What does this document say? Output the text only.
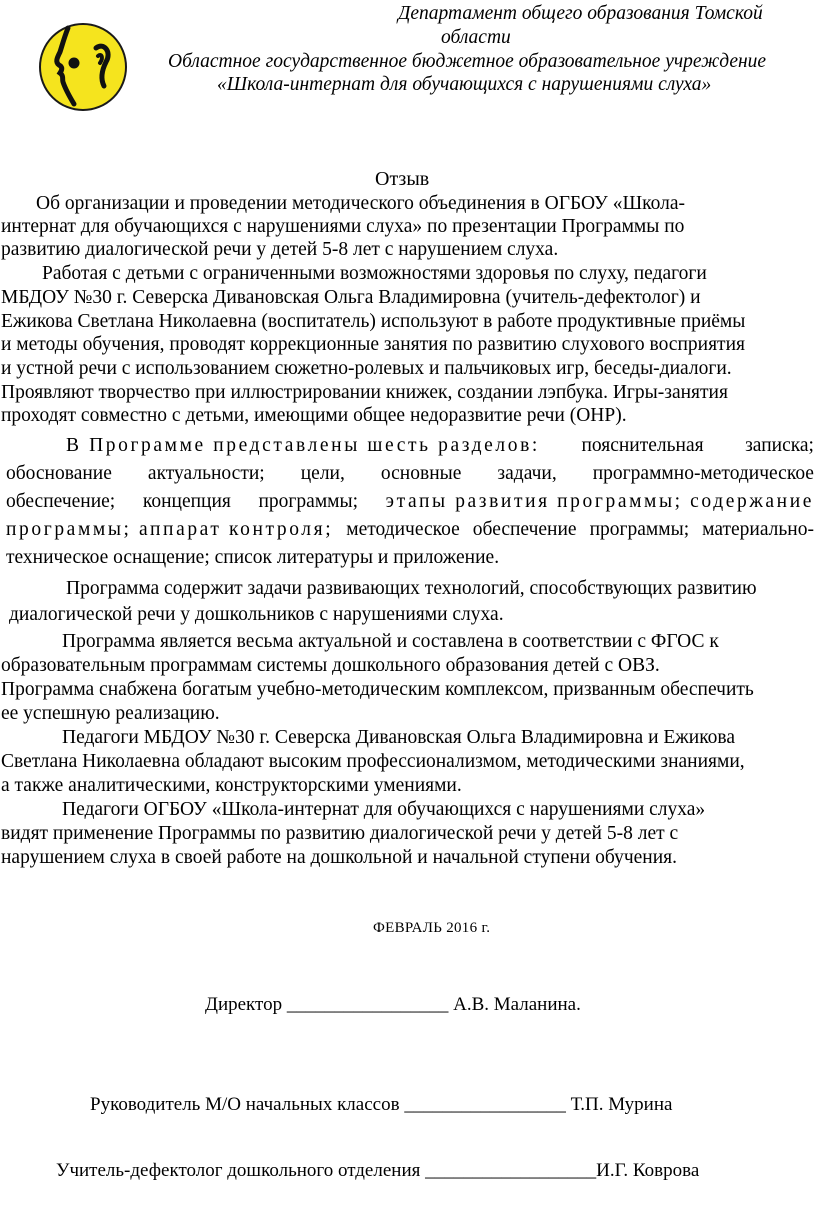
Департамент общего образования Томской
области
Областное государственное бюджетное образовательное учреждение
«Школа-интернат для обучающихся с нарушениями слуха»
Отзыв
Об организации и проведении методического объединения в ОГБОУ «Школа-
интернат для обучающихся с нарушениями слуха» по презентации Программы по
развитию диалогической речи у детей 5-8 лет с нарушением слуха.
Работая с детьми с ограниченными возможностями здоровья по слуху, педагоги
МБДОУ №30 г. Северска Дивановская Ольга Владимировна (учитель-дефектолог) и
Ежикова Светлана Николаевна (воспитатель) используют в работе продуктивные приёмы
и методы обучения, проводят коррекционные занятия по развитию слухового восприятия
и устной речи с использованием сюжетно-ролевых и пальчиковых игр, беседы-диалоги.
Проявляют творчество при иллюстрировании книжек, создании лэпбука. Игры-занятия
проходят совместно с детьми, имеющими общее недоразвитие речи (ОНР).
В Программе представлены шесть разделов: пояснительная записка;
обоснование актуальности; цели, основные задачи, программно-методическое
обеспечение; концепция программы; этапы развития программы; содержание
программы; аппарат контроля; методическое обеспечение программы; материально-
техническое оснащение; список литературы и приложение.
Программа содержит задачи развивающих технологий, способствующих развитию
диалогической речи у дошкольников с нарушениями слуха.
Программа является весьма актуальной и составлена в соответствии с ФГОС к
образовательным программам системы дошкольного образования детей с ОВЗ.
Программа снабжена богатым учебно-методическим комплексом, призванным обеспечить
ее успешную реализацию.
Педагоги МБДОУ №30 г. Северска Дивановская Ольга Владимировна и Ежикова
Светлана Николаевна обладают высоким профессионализмом, методическими знаниями,
а также аналитическими, конструкторскими умениями.
Педагоги ОГБОУ «Школа-интернат для обучающихся с нарушениями слуха»
видят применение Программы по развитию диалогической речи у детей 5-8 лет с
нарушением слуха в своей работе на дошкольной и начальной ступени обучения.
ФЕВРАЛЬ 2016 г.
Директор _________________ А.В. Маланина.
Руководитель М/О начальных классов _________________ Т.П. Мурина
Учитель-дефектолог дошкольного отделения __________________И.Г. Коврова
